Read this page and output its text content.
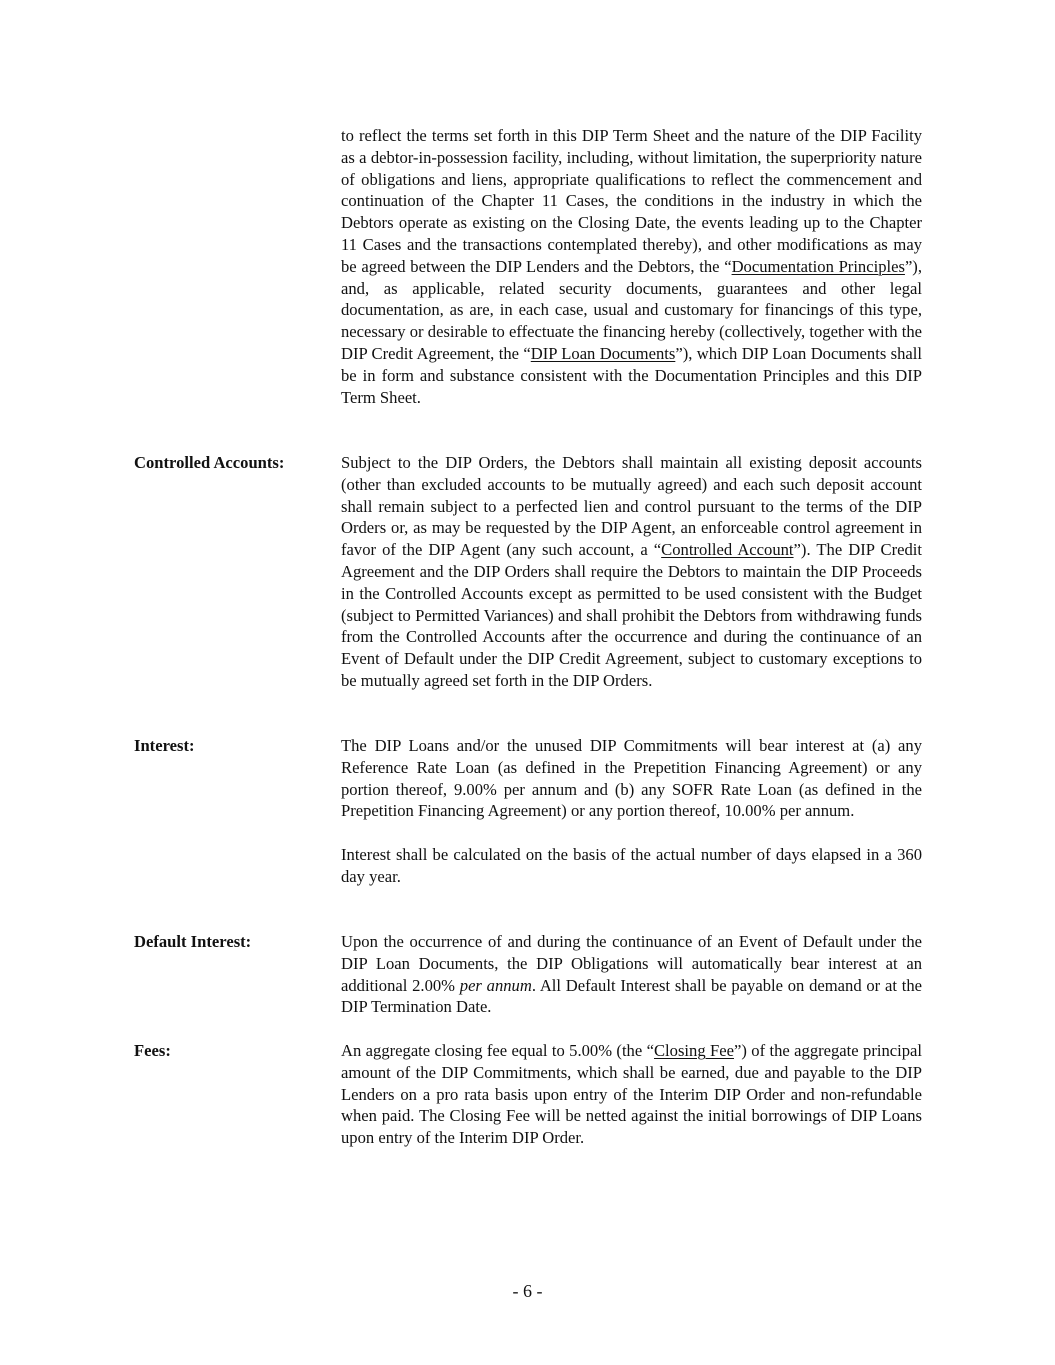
to reflect the terms set forth in this DIP Term Sheet and the nature of the DIP Facility as a debtor-in-possession facility, including, without limitation, the superpriority nature of obligations and liens, appropriate qualifications to reflect the commencement and continuation of the Chapter 11 Cases, the conditions in the industry in which the Debtors operate as existing on the Closing Date, the events leading up to the Chapter 11 Cases and the transactions contemplated thereby), and other modifications as may be agreed between the DIP Lenders and the Debtors, the “Documentation Principles”), and, as applicable, related security documents, guarantees and other legal documentation, as are, in each case, usual and customary for financings of this type, necessary or desirable to effectuate the financing hereby (collectively, together with the DIP Credit Agreement, the “DIP Loan Documents”), which DIP Loan Documents shall be in form and substance consistent with the Documentation Principles and this DIP Term Sheet.

Controlled Accounts:	Subject to the DIP Orders, the Debtors shall maintain all existing deposit accounts (other than excluded accounts to be mutually agreed) and each such deposit account shall remain subject to a perfected lien and control pursuant to the terms of the DIP Orders or, as may be requested by the DIP Agent, an enforceable control agreement in favor of the DIP Agent (any such account, a “Controlled Account”). The DIP Credit Agreement and the DIP Orders shall require the Debtors to maintain the DIP Proceeds in the Controlled Accounts except as permitted to be used consistent with the Budget (subject to Permitted Variances) and shall prohibit the Debtors from withdrawing funds from the Controlled Accounts after the occurrence and during the continuance of an Event of Default under the DIP Credit Agreement, subject to customary exceptions to be mutually agreed set forth in the DIP Orders.

Interest:	The DIP Loans and/or the unused DIP Commitments will bear interest at (a) any Reference Rate Loan (as defined in the Prepetition Financing Agreement) or any portion thereof, 9.00% per annum and (b) any SOFR Rate Loan (as defined in the Prepetition Financing Agreement) or any portion thereof, 10.00% per annum.

Interest shall be calculated on the basis of the actual number of days elapsed in a 360 day year.

Default Interest:	Upon the occurrence of and during the continuance of an Event of Default under the DIP Loan Documents, the DIP Obligations will automatically bear interest at an additional 2.00% per annum. All Default Interest shall be payable on demand or at the DIP Termination Date.

Fees:	An aggregate closing fee equal to 5.00% (the “Closing Fee”) of the aggregate principal amount of the DIP Commitments, which shall be earned, due and payable to the DIP Lenders on a pro rata basis upon entry of the Interim DIP Order and non-refundable when paid. The Closing Fee will be netted against the initial borrowings of DIP Loans upon entry of the Interim DIP Order.

- 6 -
